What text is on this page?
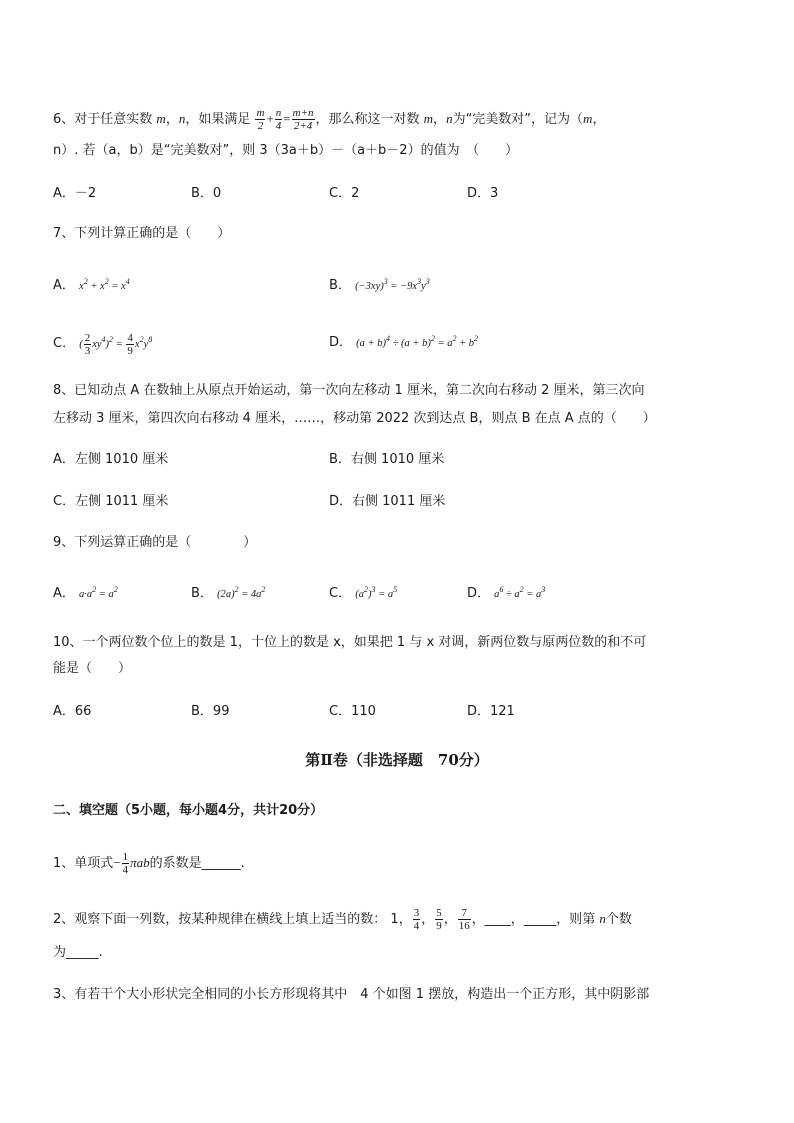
6、对于任意实数 m，n，如果满足 $\frac{m}{2} + \frac{n}{4} = \frac{m+n}{2+4}$ ，那么称这一对数 m，n为“完美数对”，记为（m，
n）. 若（a，b）是“完美数对”，则 3（3a＋b）－（a＋b－2）的值为　（　　）
A．－2	B．0	C．2	D．3
7、下列计算正确的是（　　）
A． $x^2 + x^2 = x^4$	B． $(-3xy)^3 = -9x^3y^3$
C． ( $\frac{2}{3} xy^4)^2 = \frac{4}{9} x^2y^8$	D． $(a + b)^4 \div (a + b)^2 = a^2 + b^2$
8、已知动点 A 在数轴上从原点开始运动，第一次向左移动 1 厘米，第二次向右移动 2 厘米，第三次向
左移动 3 厘米，第四次向右移动 4 厘米，……，移动第 2022 次到达点 B，则点 B 在点 A 点的（　　）
A．左侧 1010 厘米	B．右侧 1010 厘米
C．左侧 1011 厘米	D．右侧 1011 厘米
9、下列运算正确的是（　　　　）
A． $a\cdot a^2 = a^2$	B． $(2a)^2 = 4a^2$	C． $(a^2)^3 = a^5$	D． $a^6 \div a^2 = a^3$
10、一个两位数个位上的数是 1，十位上的数是 x，如果把 1 与 x 对调，新两位数与原两位数的和不可
能是（　　）
A．66	B．99	C．110	D．121
第Ⅱ卷（非选择题　70分）
二、填空题（5小题，每小题4分，共计20分）
1、单项式− $\frac{1}{4}$ πab的系数是______.
2、观察下面一列数，按某种规律在横线上填上适当的数： 1， $\frac{3}{4}$ ， $\frac{5}{9}$ ， $\frac{7}{16}$ ，____，_____，则第 n个数
为_____.
3、有若干个大小形状完全相同的小长方形现将其中　4 个如图 1 摆放，构造出一个正方形，其中阴影部
